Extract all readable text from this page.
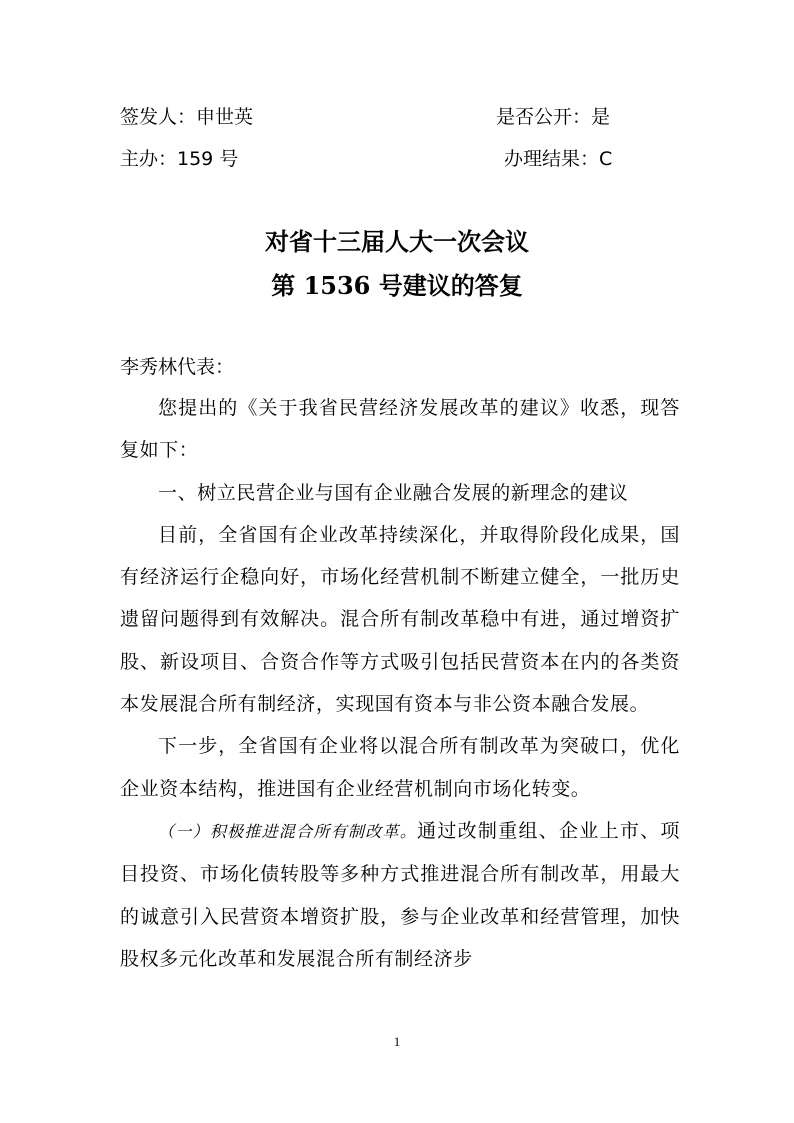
签发人：申世英	是否公开：是
主办：159 号	办理结果：C
对省十三届人大一次会议
第 1536 号建议的答复
李秀林代表：

您提出的《关于我省民营经济发展改革的建议》收悉，现答复如下：

一、树立民营企业与国有企业融合发展的新理念的建议

目前，全省国有企业改革持续深化，并取得阶段化成果，国有经济运行企稳向好，市场化经营机制不断建立健全，一批历史遗留问题得到有效解决。混合所有制改革稳中有进，通过增资扩股、新设项目、合资合作等方式吸引包括民营资本在内的各类资本发展混合所有制经济，实现国有资本与非公资本融合发展。

下一步，全省国有企业将以混合所有制改革为突破口，优化企业资本结构，推进国有企业经营机制向市场化转变。

（一）积极推进混合所有制改革。通过改制重组、企业上市、项目投资、市场化债转股等多种方式推进混合所有制改革，用最大的诚意引入民营资本增资扩股，参与企业改革和经营管理，加快股权多元化改革和发展混合所有制经济步

1
